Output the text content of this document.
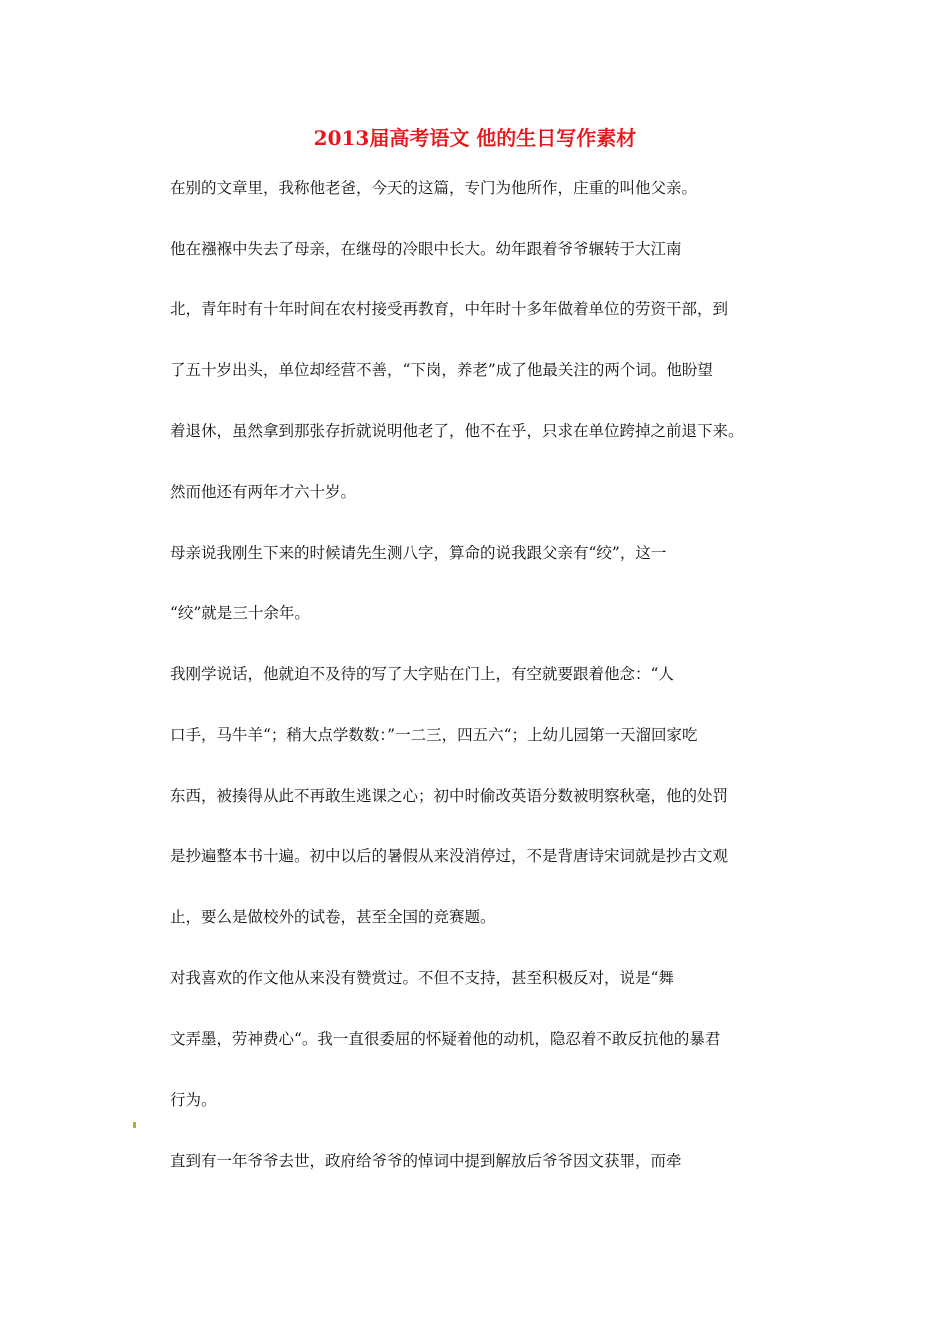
2013届高考语文 他的生日写作素材

在别的文章里，我称他老爸，今天的这篇，专门为他所作，庄重的叫他父亲。

他在襁褓中失去了母亲，在继母的冷眼中长大。幼年跟着爷爷辗转于大江南

北，青年时有十年时间在农村接受再教育，中年时十多年做着单位的劳资干部，到

了五十岁出头，单位却经营不善，“下岗，养老”成了他最关注的两个词。他盼望

着退休，虽然拿到那张存折就说明他老了，他不在乎，只求在单位跨掉之前退下来。

然而他还有两年才六十岁。

母亲说我刚生下来的时候请先生测八字，算命的说我跟父亲有“绞”，这一

“绞”就是三十余年。

我刚学说话，他就迫不及待的写了大字贴在门上，有空就要跟着他念：“人

口手，马牛羊“；稍大点学数数：”一二三，四五六“；上幼儿园第一天溜回家吃

东西，被揍得从此不再敢生逃课之心；初中时偷改英语分数被明察秋毫，他的处罚

是抄遍整本书十遍。初中以后的暑假从来没消停过，不是背唐诗宋词就是抄古文观

止，要么是做校外的试卷，甚至全国的竞赛题。

对我喜欢的作文他从来没有赞赏过。不但不支持，甚至积极反对，说是“舞

文弄墨，劳神费心“。我一直很委屈的怀疑着他的动机，隐忍着不敢反抗他的暴君

行为。

直到有一年爷爷去世，政府给爷爷的悼词中提到解放后爷爷因文获罪，而牵
